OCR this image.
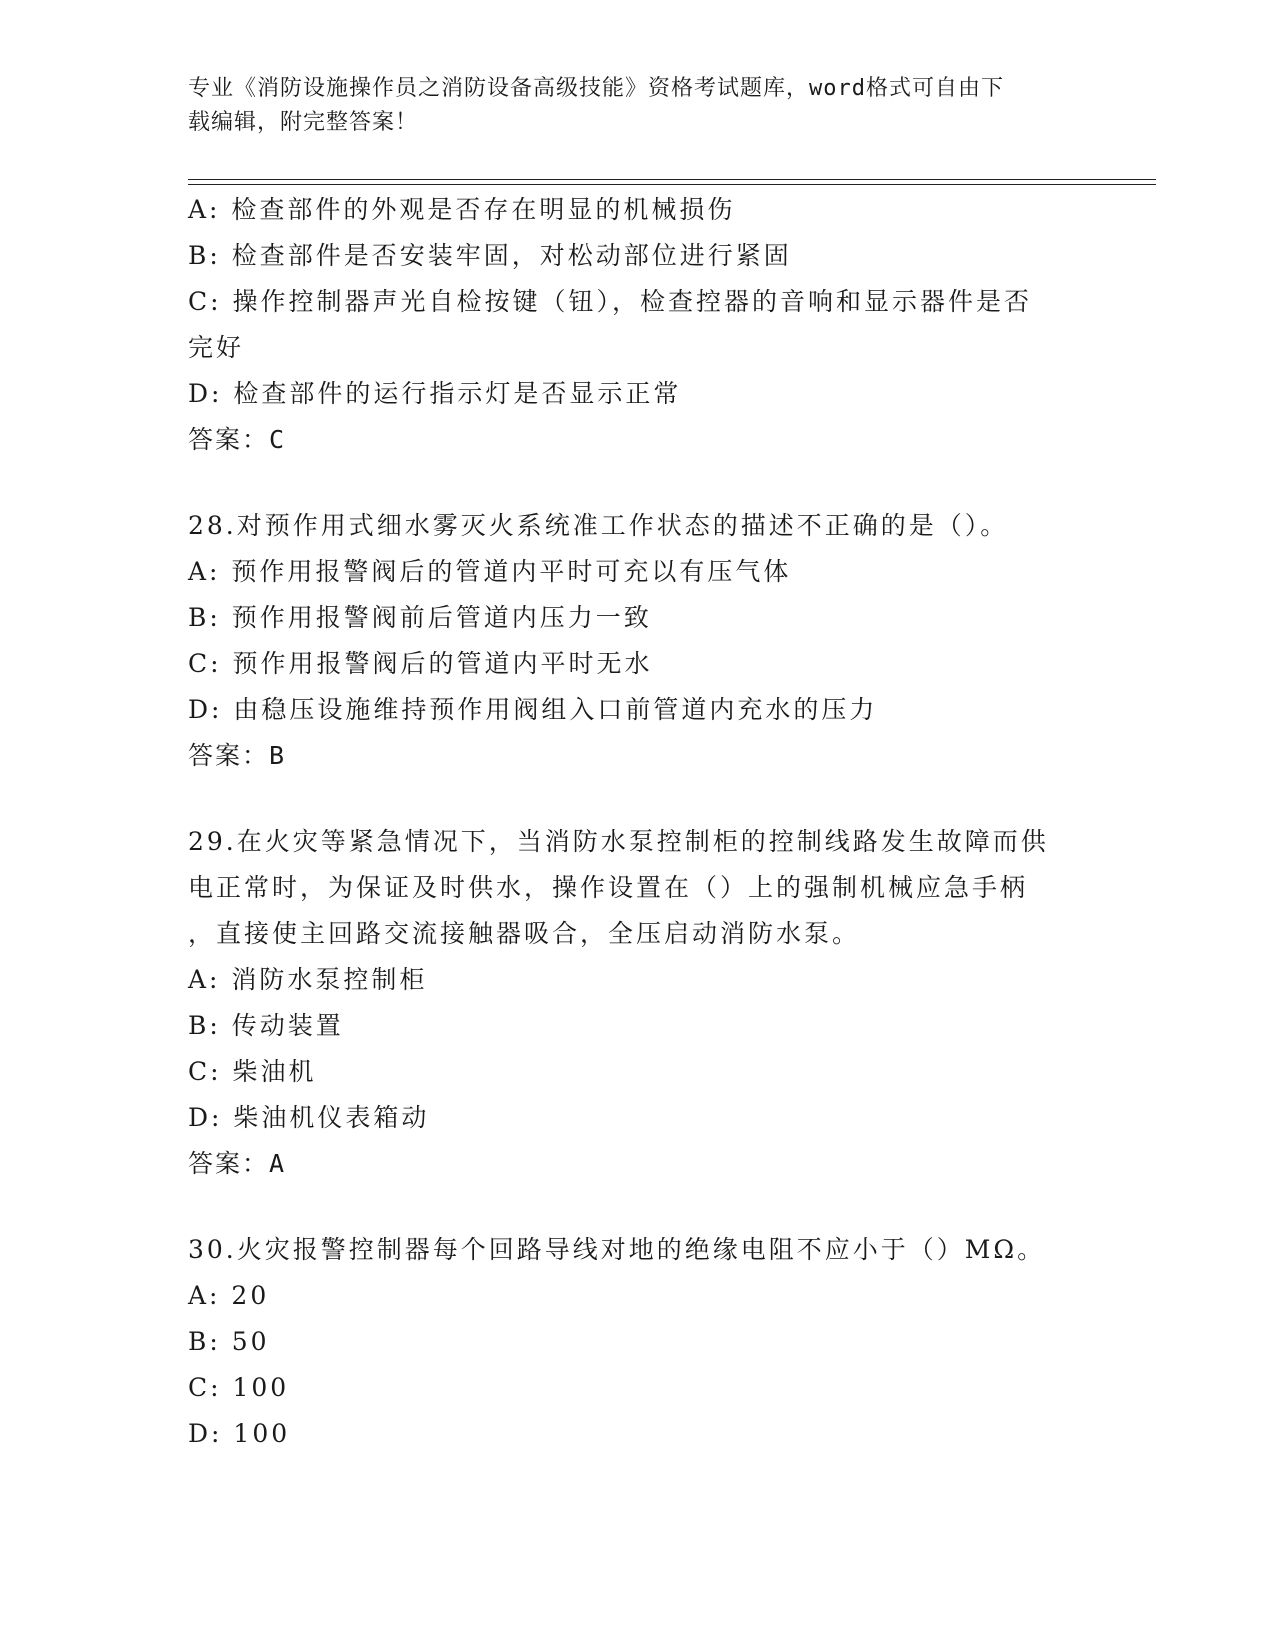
专业《消防设施操作员之消防设备高级技能》资格考试题库，word格式可自由下
载编辑，附完整答案！
A: 检查部件的外观是否存在明显的机械损伤
B: 检查部件是否安装牢固，对松动部位进行紧固
C: 操作控制器声光自检按键（钮），检查控器的音响和显示器件是否
完好
D: 检查部件的运行指示灯是否显示正常
答案：C
28.对预作用式细水雾灭火系统准工作状态的描述不正确的是（）。
A: 预作用报警阀后的管道内平时可充以有压气体
B: 预作用报警阀前后管道内压力一致
C: 预作用报警阀后的管道内平时无水
D: 由稳压设施维持预作用阀组入口前管道内充水的压力
答案：B
29.在火灾等紧急情况下，当消防水泵控制柜的控制线路发生故障而供
电正常时，为保证及时供水，操作设置在（）上的强制机械应急手柄
，直接使主回路交流接触器吸合，全压启动消防水泵。
A: 消防水泵控制柜
B: 传动装置
C: 柴油机
D: 柴油机仪表箱动
答案：A
30.火灾报警控制器每个回路导线对地的绝缘电阻不应小于（）MΩ。
A: 20
B: 50
C: 100
D: 100
